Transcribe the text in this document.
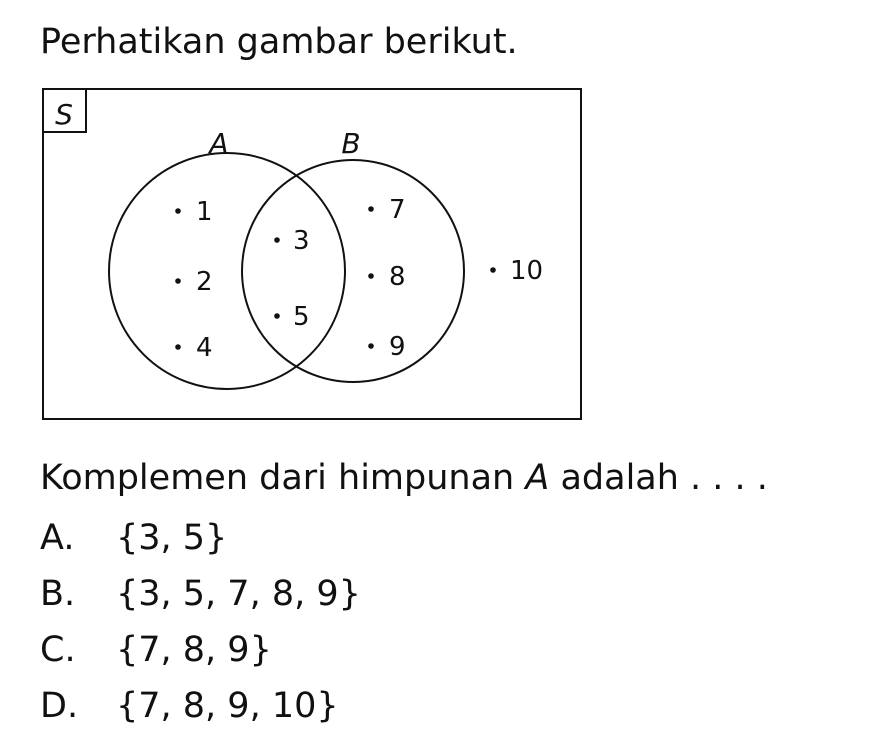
Perhatikan gambar berikut.
S
A	B
1
2
4
3
5
7
8
9
10
Komplemen dari himpunan A adalah . . . .
A. {3, 5}
B. {3, 5, 7, 8, 9}
C. {7, 8, 9}
D. {7, 8, 9, 10}
